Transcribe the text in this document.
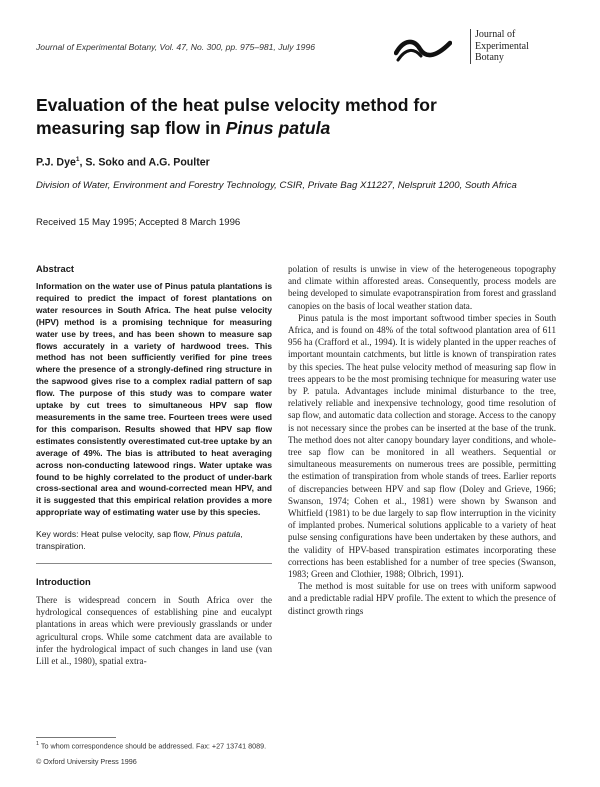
Journal of Experimental Botany, Vol. 47, No. 300, pp. 975–981, July 1996
Journal of
Experimental
Botany
Evaluation of the heat pulse velocity method for measuring sap flow in Pinus patula
P.J. Dye$^1$, S. Soko and A.G. Poulter
Division of Water, Environment and Forestry Technology, CSIR, Private Bag X11227, Nelspruit 1200, South Africa
Received 15 May 1995; Accepted 8 March 1996
Abstract

Information on the water use of Pinus patula plantations is required to predict the impact of forest plantations on water resources in South Africa. The heat pulse velocity (HPV) method is a promising technique for measuring water use by trees, and has been shown to measure sap flows accurately in a variety of hardwood trees. This method has not been sufficiently verified for pine trees where the presence of a strongly-defined ring structure in the sapwood gives rise to a complex radial pattern of sap flow. The purpose of this study was to compare water uptake by cut trees to simultaneous HPV sap flow measurements in the same tree. Fourteen trees were used for this comparison. Results showed that HPV sap flow estimates consistently overestimated cut-tree uptake by an average of 49%. The bias is attributed to heat averaging across non-conducting latewood rings. Water uptake was found to be highly correlated to the product of under-bark cross-sectional area and wound-corrected mean HPV, and it is suggested that this empirical relation provides a more appropriate way of estimating water use by this species.

Key words: Heat pulse velocity, sap flow, Pinus patula, transpiration.

Introduction

There is widespread concern in South Africa over the hydrological consequences of establishing pine and eucalypt plantations in areas which were previously grasslands or under agricultural crops. While some catchment data are available to infer the hydrological impact of such changes in land use (van Lill et al., 1980), spatial extra-

polation of results is unwise in view of the heterogeneous topography and climate within afforested areas. Consequently, process models are being developed to simulate evapotranspiration from forest and grassland canopies on the basis of local weather station data.

Pinus patula is the most important softwood timber species in South Africa, and is found on 48% of the total softwood plantation area of 611 956 ha (Crafford et al., 1994). It is widely planted in the upper reaches of important mountain catchments, but little is known of transpiration rates by this species. The heat pulse velocity method of measuring sap flow in trees appears to be the most promising technique for measuring water use by P. patula. Advantages include minimal disturbance to the tree, relatively reliable and inexpensive technology, good time resolution of sap flow, and automatic data collection and storage. Access to the canopy is not necessary since the probes can be inserted at the base of the trunk. The method does not alter canopy boundary layer conditions, and whole-tree sap flow can be monitored in all weathers. Sequential or simultaneous measurements on numerous trees are possible, permitting the estimation of transpiration from whole stands of trees. Earlier reports of discrepancies between HPV and sap flow (Doley and Grieve, 1966; Swanson, 1974; Cohen et al., 1981) were shown by Swanson and Whitfield (1981) to be due largely to sap flow interruption in the vicinity of implanted probes. Numerical solutions applicable to a variety of heat pulse sensing configurations have been undertaken by these authors, and the validity of HPV-based transpiration estimates incorporating these corrections has been established for a number of tree species (Swanson, 1983; Green and Clothier, 1988; Olbrich, 1991).

The method is most suitable for use on trees with uniform sapwood and a predictable radial HPV profile. The extent to which the presence of distinct growth rings

$^1$ To whom correspondence should be addressed. Fax: +27 13741 8089.
© Oxford University Press 1996
